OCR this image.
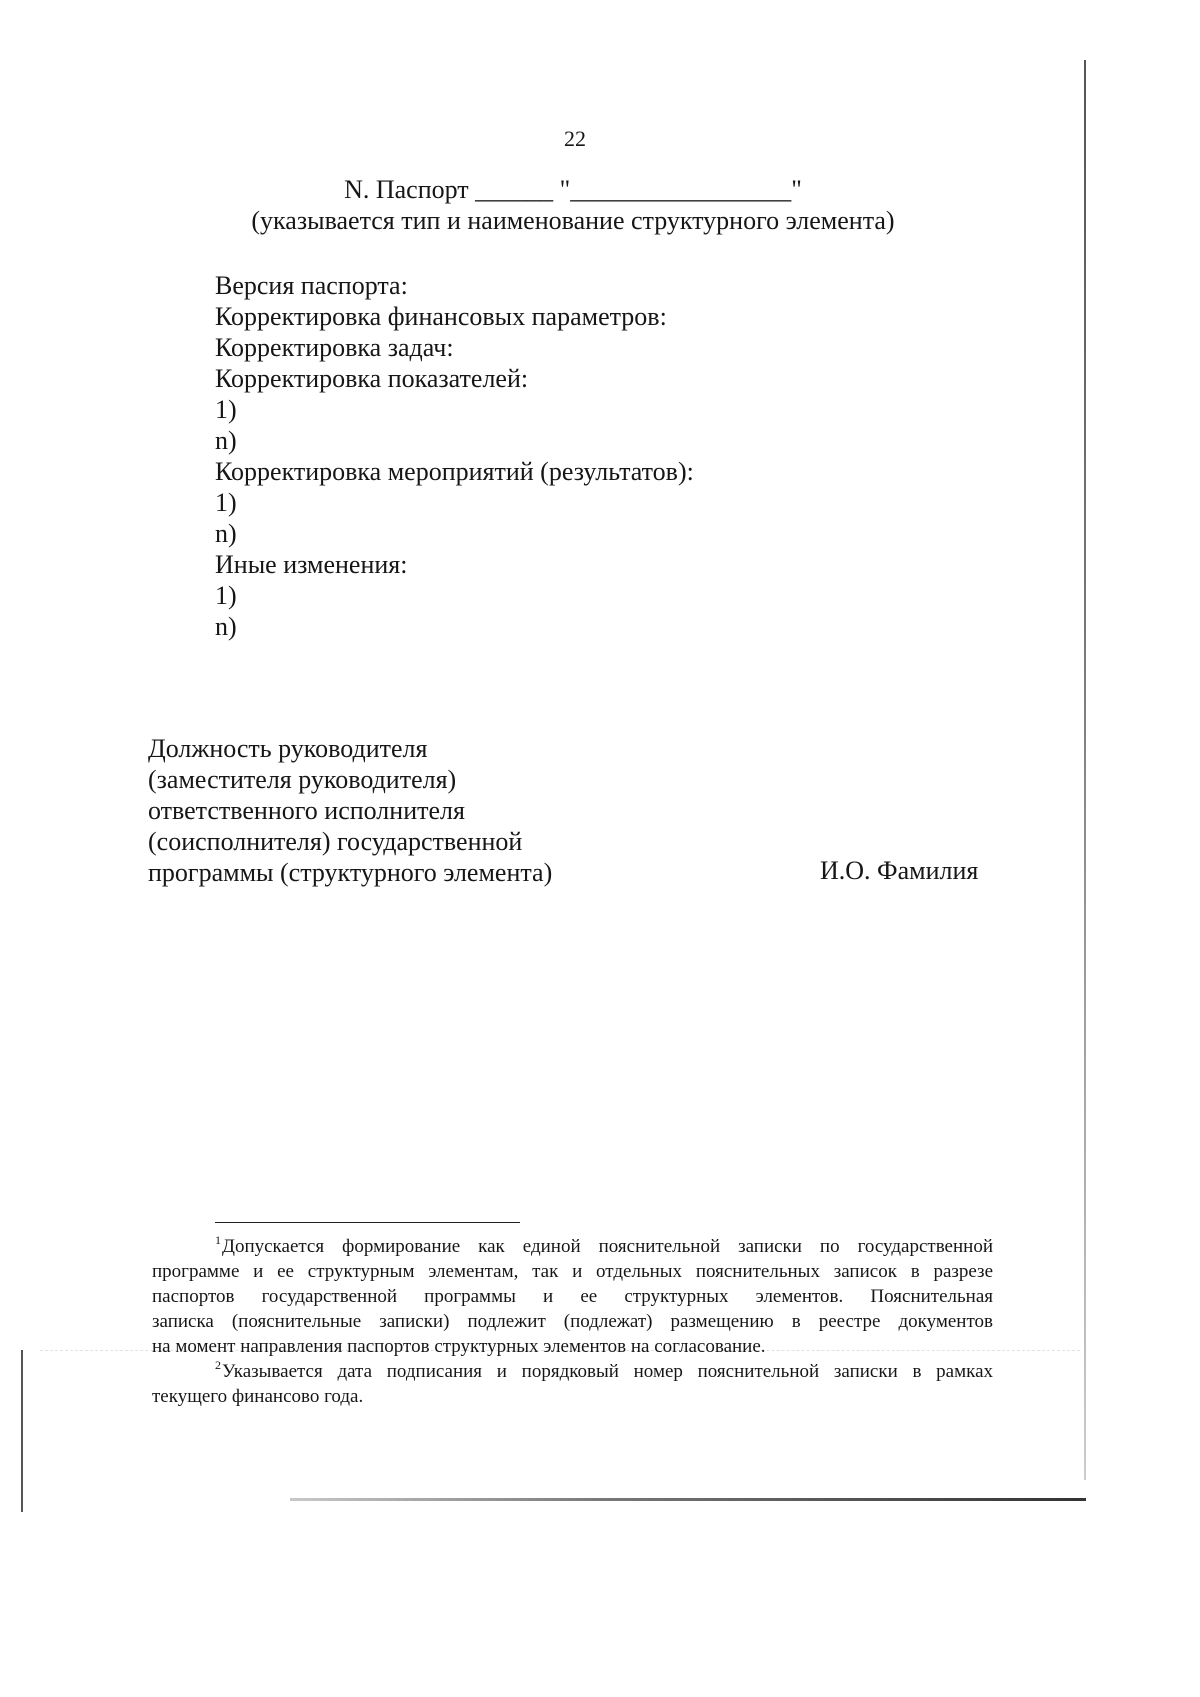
22
N. Паспорт ______ "_________________"
(указывается тип и наименование структурного элемента)
Версия паспорта:
Корректировка финансовых параметров:
Корректировка задач:
Корректировка показателей:
1)
n)
Корректировка мероприятий (результатов):
1)
n)
Иные изменения:
1)
n)
Должность руководителя
(заместителя руководителя)
ответственного исполнителя
(соисполнителя) государственной
программы (структурного элемента)	И.О. Фамилия
$^1$Допускается формирование как единой пояснительной записки по государственной
программе и ее структурным элементам, так и отдельных пояснительных записок в разрезе
паспортов государственной программы и ее структурных элементов. Пояснительная
записка (пояснительные записки) подлежит (подлежат) размещению в реестре документов
на момент направления паспортов структурных элементов на согласование.
$^2$Указывается дата подписания и порядковый номер пояснительной записки в рамках
текущего финансово года.
